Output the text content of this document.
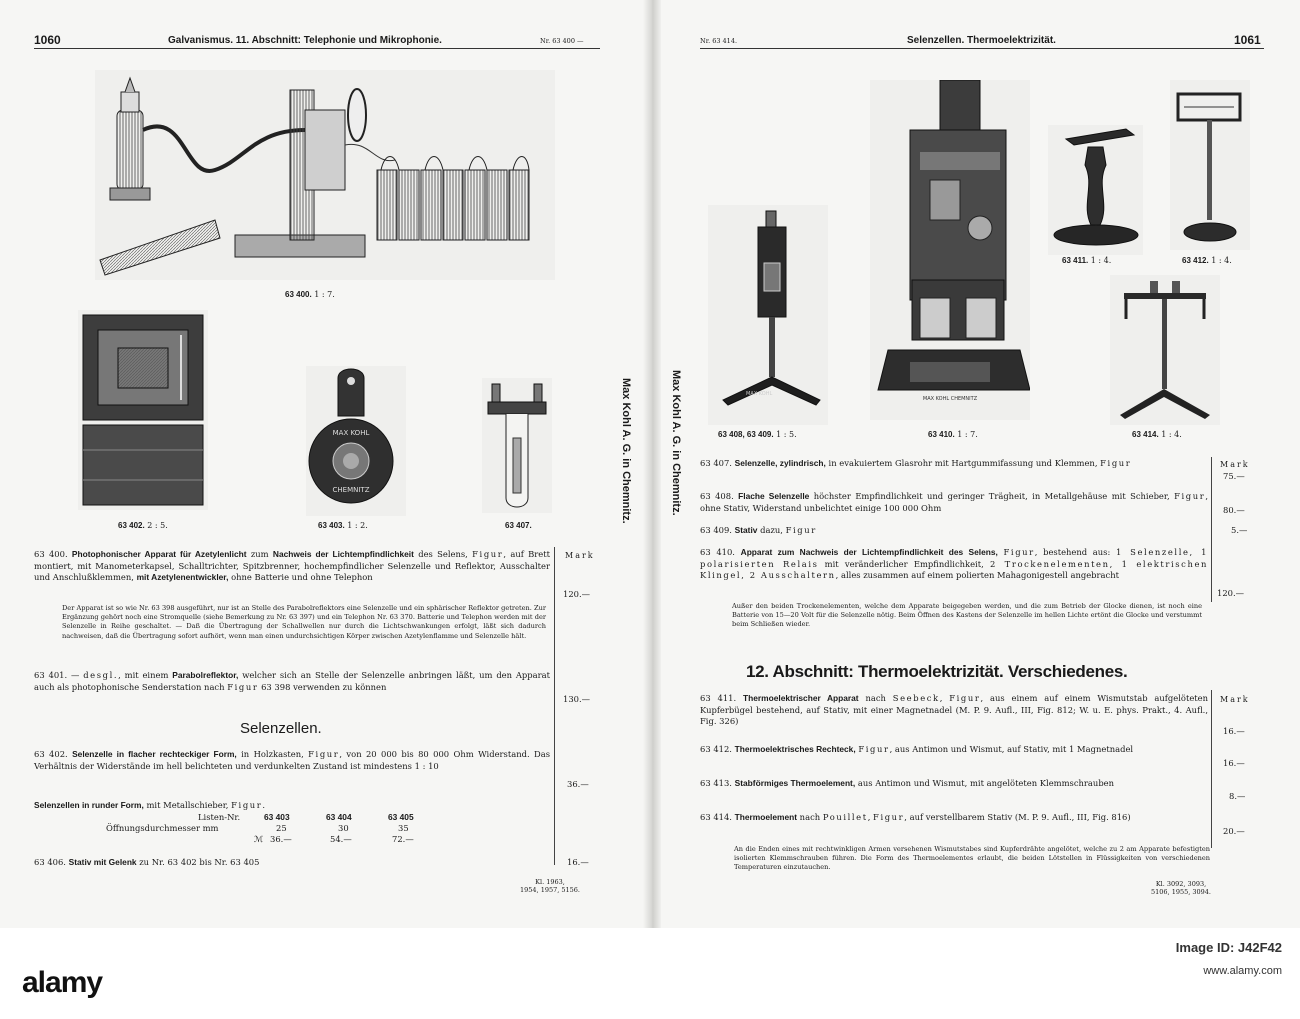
1060	Galvanismus. 11. Abschnitt: Telephonie und Mikrophonie.	Nr. 63 400 —
63 400. 1 : 7.
63 402. 2 : 5.
MAX KOHL
CHEMNITZ
63 403. 1 : 2.	63 407.
Mark
63 400. Photophonischer Apparat für Azetylenlicht zum Nachweis der Lichtempfindlichkeit des Selens, Figur, auf Brett montiert, mit Manometerkapsel, Schalltrichter, Spitzbrenner, hochempfindlicher Selenzelle und Reflektor, Ausschalter und Anschlußklemmen, mit Azetylenentwickler, ohne Batterie und ohne Telephon
120.—
Der Apparat ist so wie Nr. 63 398 ausgeführt, nur ist an Stelle des Parabolreflektors eine Selenzelle und ein sphärischer Reflektor getreten. Zur Ergänzung gehört noch eine Stromquelle (siehe Bemerkung zu Nr. 63 397) und ein Telephon Nr. 63 370. Batterie und Telephon werden mit der Selenzelle in Reihe geschaltet. — Daß die Übertragung der Schallwellen nur durch die Lichtschwankungen erfolgt, läßt sich dadurch nachweisen, daß die Übertragung sofort aufhört, wenn man einen undurchsichtigen Körper zwischen Azetylenflamme und Selenzelle hält.
63 401. — desgl., mit einem Parabolreflektor, welcher sich an Stelle der Selenzelle anbringen läßt, um den Apparat auch als photophonische Senderstation nach Figur 63 398 verwenden zu können
130.—
Selenzellen.
63 402. Selenzelle in flacher rechteckiger Form, in Holzkasten, Figur, von 20 000 bis 80 000 Ohm Widerstand. Das Verhältnis der Widerstände im hell belichteten und verdunkelten Zustand ist mindestens 1 : 10
36.—
Selenzellen in runder Form, mit Metallschieber, Figur.
Listen-Nr.	63 403	63 404	63 405
Öffnungsdurchmesser mm	25	30	35
ℳ 36.—	54.—	72.—
63 406. Stativ mit Gelenk zu Nr. 63 402 bis Nr. 63 405	16.—
Kl. 1963,
1954, 1957, 5156.
Max Kohl A. G. in Chemnitz.	Max Kohl A. G. in Chemnitz.
Nr. 63 414.	Selenzellen. Thermoelektrizität.	1061
MAX KOHL
63 408, 63 409. 1 : 5.
MAX KOHL CHEMNITZ
63 410. 1 : 7.
63 411. 1 : 4.	63 412. 1 : 4.
63 414. 1 : 4.
Mark
63 407. Selenzelle, zylindrisch, in evakuiertem Glasrohr mit Hartgummifassung und Klemmen, Figur
75.—
63 408. Flache Selenzelle höchster Empfindlichkeit und geringer Trägheit, in Metallgehäuse mit Schieber, Figur, ohne Stativ, Widerstand unbelichtet einige 100 000 Ohm	80.—
63 409. Stativ dazu, Figur	5.—
63 410. Apparat zum Nachweis der Lichtempfindlichkeit des Selens, Figur, bestehend aus: 1 Selenzelle, 1 polarisierten Relais mit veränderlicher Empfindlichkeit, 2 Trockenelementen, 1 elektrischen Klingel, 2 Ausschaltern, alles zusammen auf einem polierten Mahagonigestell angebracht
120.—
Außer den beiden Trockenelementen, welche dem Apparate beigegeben werden, und die zum Betrieb der Glocke dienen, ist noch eine Batterie von 15—20 Volt für die Selenzelle nötig. Beim Öffnen des Kastens der Selenzelle im hellen Lichte ertönt die Glocke und verstummt beim Schließen wieder.
12. Abschnitt: Thermoelektrizität. Verschiedenes.
Mark
63 411. Thermoelektrischer Apparat nach Seebeck, Figur, aus einem auf einem Wismutstab aufgelöteten Kupferbügel bestehend, auf Stativ, mit einer Magnetnadel (M. P. 9. Aufl., III, Fig. 812; W. u. E. phys. Prakt., 4. Aufl., Fig. 326)
16.—
63 412. Thermoelektrisches Rechteck, Figur, aus Antimon und Wismut, auf Stativ, mit 1 Magnetnadel
16.—
63 413. Stabförmiges Thermoelement, aus Antimon und Wismut, mit angelöteten Klemmschrauben
8.—
63 414. Thermoelement nach Pouillet, Figur, auf verstellbarem Stativ (M. P. 9. Aufl., III, Fig. 816)
20.—
An die Enden eines mit rechtwinkligen Armen versehenen Wismutstabes sind Kupferdrähte angelötet, welche zu 2 am Apparate befestigten isolierten Klemmschrauben führen. Die Form des Thermoelementes erlaubt, die beiden Lötstellen in Flüssigkeiten von verschiedenen Temperaturen einzutauchen.
Kl. 3092, 3093,
5106, 1955, 3094.
alamy
Image ID: J42F42
www.alamy.com
